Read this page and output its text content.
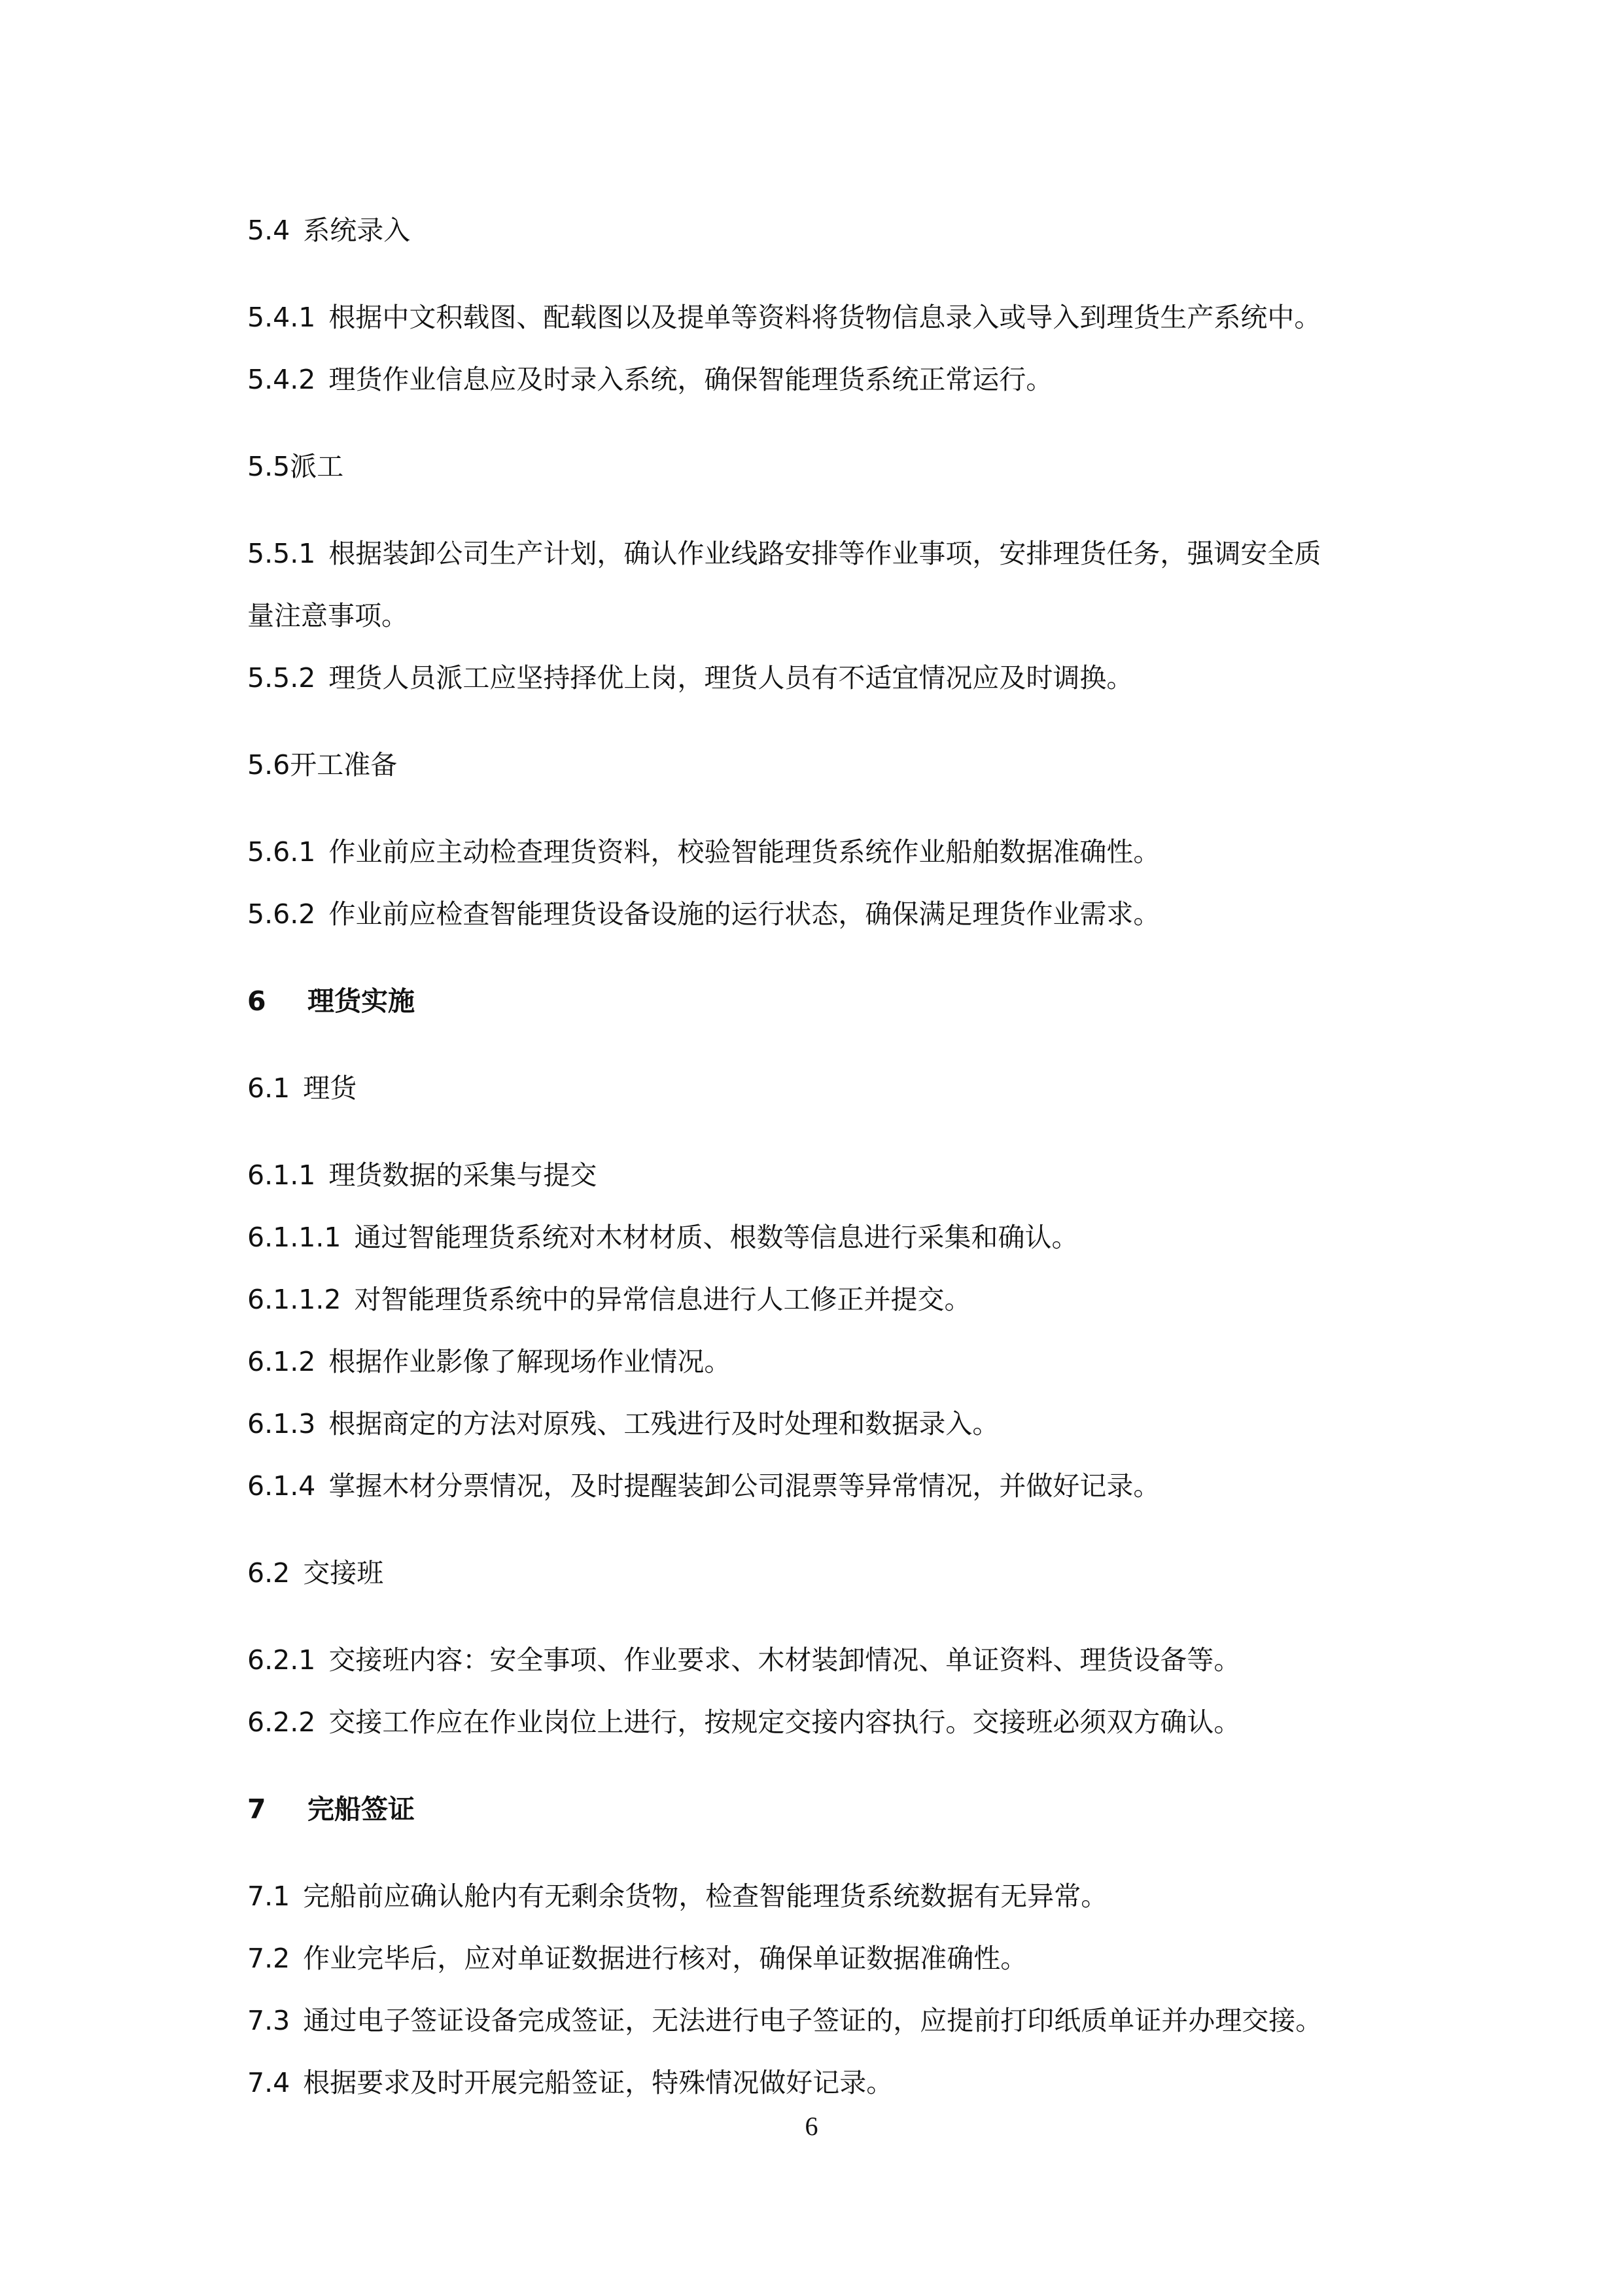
5.4 系统录入
5.4.1 根据中文积载图、配载图以及提单等资料将货物信息录入或导入到理货生产系统中。
5.4.2 理货作业信息应及时录入系统，确保智能理货系统正常运行。
5.5派工
5.5.1 根据装卸公司生产计划，确认作业线路安排等作业事项，安排理货任务，强调安全质
量注意事项。
5.5.2 理货人员派工应坚持择优上岗，理货人员有不适宜情况应及时调换。
5.6开工准备
5.6.1 作业前应主动检查理货资料，校验智能理货系统作业船舶数据准确性。
5.6.2 作业前应检查智能理货设备设施的运行状态，确保满足理货作业需求。
6 理货实施
6.1 理货
6.1.1 理货数据的采集与提交
6.1.1.1 通过智能理货系统对木材材质、根数等信息进行采集和确认。
6.1.1.2 对智能理货系统中的异常信息进行人工修正并提交。
6.1.2 根据作业影像了解现场作业情况。
6.1.3 根据商定的方法对原残、工残进行及时处理和数据录入。
6.1.4 掌握木材分票情况，及时提醒装卸公司混票等异常情况，并做好记录。
6.2 交接班
6.2.1 交接班内容：安全事项、作业要求、木材装卸情况、单证资料、理货设备等。
6.2.2 交接工作应在作业岗位上进行，按规定交接内容执行。交接班必须双方确认。
7 完船签证
7.1 完船前应确认舱内有无剩余货物，检查智能理货系统数据有无异常。
7.2 作业完毕后，应对单证数据进行核对，确保单证数据准确性。
7.3 通过电子签证设备完成签证，无法进行电子签证的，应提前打印纸质单证并办理交接。
7.4 根据要求及时开展完船签证，特殊情况做好记录。
6
